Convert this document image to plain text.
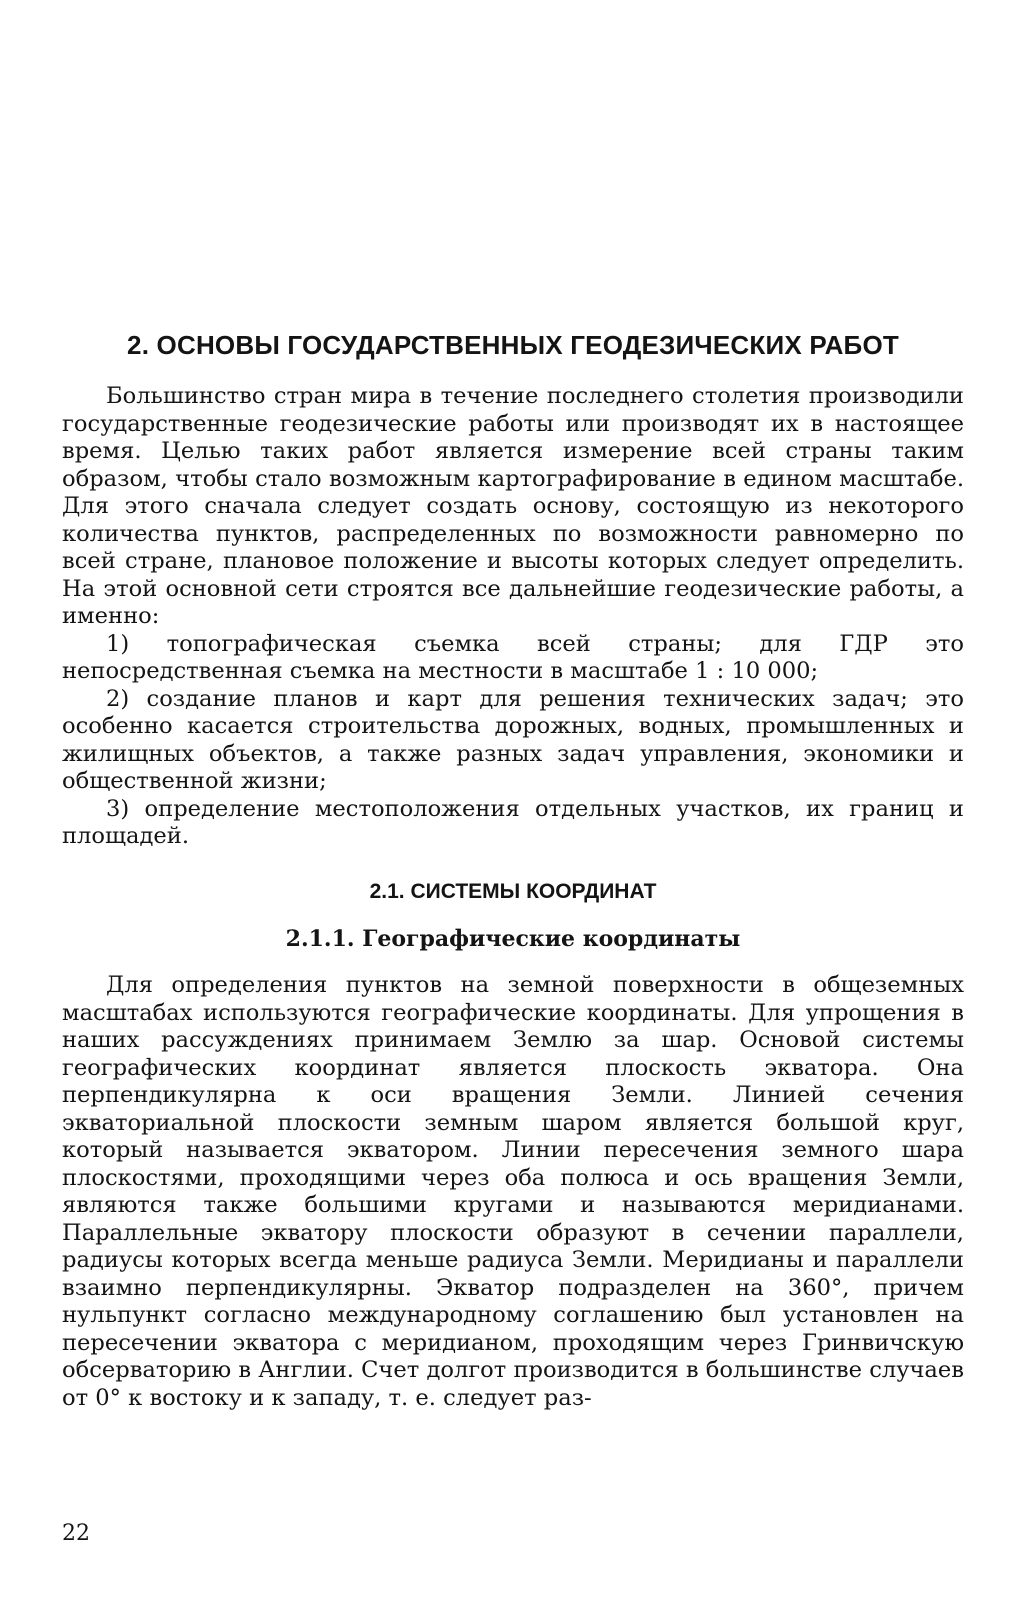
2. ОСНОВЫ ГОСУДАРСТВЕННЫХ ГЕОДЕЗИЧЕСКИХ РАБОТ

Большинство стран мира в течение последнего столетия производили государственные геодезические работы или производят их в настоящее время. Целью таких работ является измерение всей страны таким образом, чтобы стало возможным картографирование в едином масштабе. Для этого сначала следует создать основу, состоящую из некоторого количества пунктов, распределенных по возможности равномерно по всей стране, плановое положение и высоты которых следует определить. На этой основной сети строятся все дальнейшие геодезические работы, а именно:

1) топографическая съемка всей страны; для ГДР это непосредственная съемка на местности в масштабе 1 : 10 000;

2) создание планов и карт для решения технических задач; это особенно касается строительства дорожных, водных, промышленных и жилищных объектов, а также разных задач управления, экономики и общественной жизни;

3) определение местоположения отдельных участков, их границ и площадей.

2.1. СИСТЕМЫ КООРДИНАТ
2.1.1. Географические координаты

Для определения пунктов на земной поверхности в общеземных масштабах используются географические координаты. Для упрощения в наших рассуждениях принимаем Землю за шар. Основой системы географических координат является плоскость экватора. Она перпендикулярна к оси вращения Земли. Линией сечения экваториальной плоскости земным шаром является большой круг, который называется экватором. Линии пересечения земного шара плоскостями, проходящими через оба полюса и ось вращения Земли, являются также большими кругами и называются меридианами. Параллельные экватору плоскости образуют в сечении параллели, радиусы которых всегда меньше радиуса Земли. Меридианы и параллели взаимно перпендикулярны. Экватор подразделен на 360°, причем нульпункт согласно международному соглашению был установлен на пересечении экватора с меридианом, проходящим через Гринвичскую обсерваторию в Англии. Счет долгот производится в большинстве случаев от 0° к востоку и к западу, т. е. следует раз-

22
